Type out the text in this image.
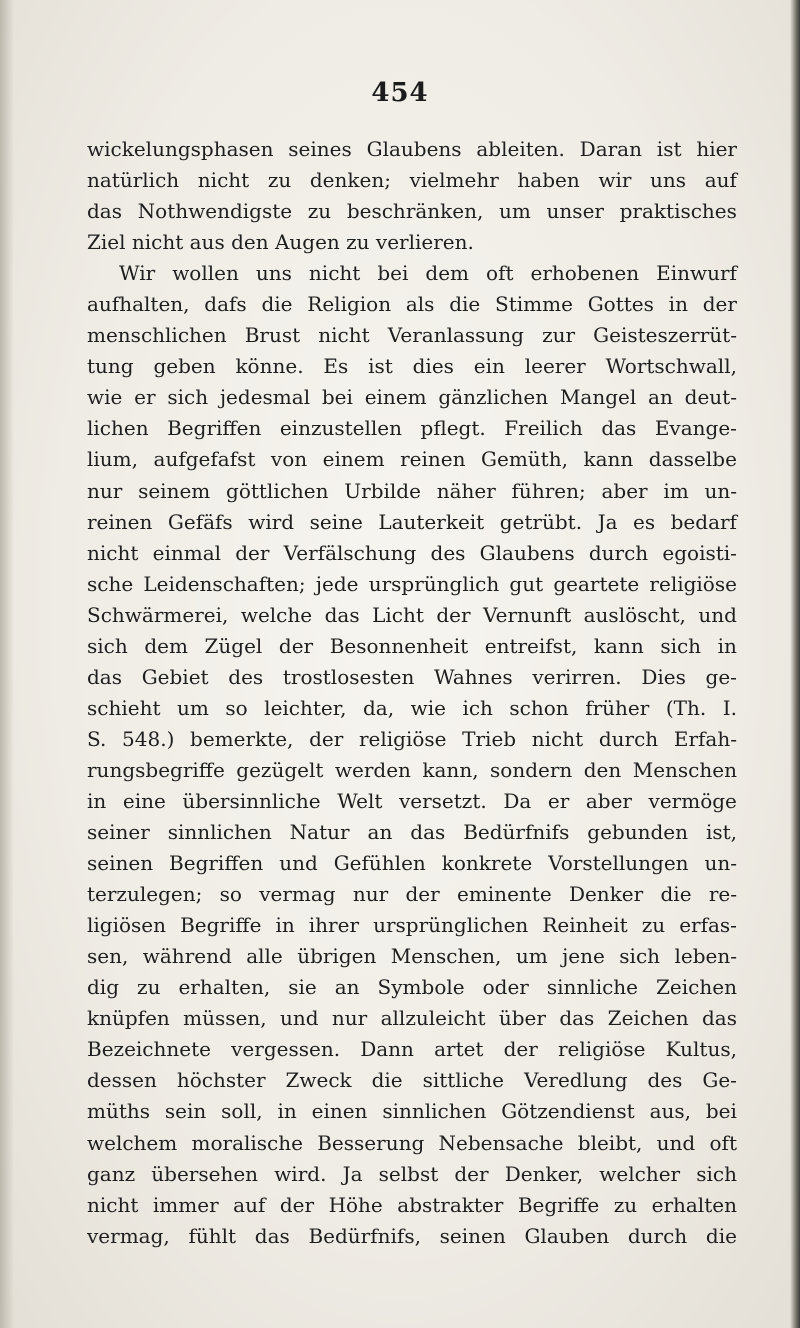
454
wickelungsphasen seines Glaubens ableiten. Daran ist hier
natürlich nicht zu denken; vielmehr haben wir uns auf
das Nothwendigste zu beschränken, um unser praktisches
Ziel nicht aus den Augen zu verlieren.
Wir wollen uns nicht bei dem oft erhobenen Einwurf
aufhalten, dafs die Religion als die Stimme Gottes in der
menschlichen Brust nicht Veranlassung zur Geisteszerrüt-
tung geben könne. Es ist dies ein leerer Wortschwall,
wie er sich jedesmal bei einem gänzlichen Mangel an deut-
lichen Begriffen einzustellen pflegt. Freilich das Evange-
lium, aufgefafst von einem reinen Gemüth, kann dasselbe
nur seinem göttlichen Urbilde näher führen; aber im un-
reinen Gefäfs wird seine Lauterkeit getrübt. Ja es bedarf
nicht einmal der Verfälschung des Glaubens durch egoisti-
sche Leidenschaften; jede ursprünglich gut geartete religiöse
Schwärmerei, welche das Licht der Vernunft auslöscht, und
sich dem Zügel der Besonnenheit entreifst, kann sich in
das Gebiet des trostlosesten Wahnes verirren. Dies ge-
schieht um so leichter, da, wie ich schon früher (Th. I.
S. 548.) bemerkte, der religiöse Trieb nicht durch Erfah-
rungsbegriffe gezügelt werden kann, sondern den Menschen
in eine übersinnliche Welt versetzt. Da er aber vermöge
seiner sinnlichen Natur an das Bedürfnifs gebunden ist,
seinen Begriffen und Gefühlen konkrete Vorstellungen un-
terzulegen; so vermag nur der eminente Denker die re-
ligiösen Begriffe in ihrer ursprünglichen Reinheit zu erfas-
sen, während alle übrigen Menschen, um jene sich leben-
dig zu erhalten, sie an Symbole oder sinnliche Zeichen
knüpfen müssen, und nur allzuleicht über das Zeichen das
Bezeichnete vergessen. Dann artet der religiöse Kultus,
dessen höchster Zweck die sittliche Veredlung des Ge-
müths sein soll, in einen sinnlichen Götzendienst aus, bei
welchem moralische Besserung Nebensache bleibt, und oft
ganz übersehen wird. Ja selbst der Denker, welcher sich
nicht immer auf der Höhe abstrakter Begriffe zu erhalten
vermag, fühlt das Bedürfnifs, seinen Glauben durch die
